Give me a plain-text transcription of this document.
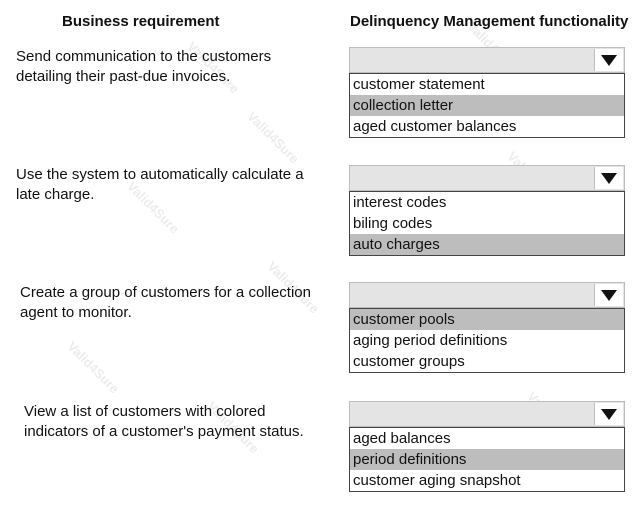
Valid4Sure
Valid4Sure
Valid4Sure
Valid4Sure
Valid4Sure
Valid4Sure
Business requirement	Delinquency Management functionality
Send communication to the customers
detailing their past-due invoices.	customer statement
collection letter
aged customer balances
Use the system to automatically calculate a
late charge.	interest codes
biling codes
auto charges
Create a group of customers for a collection
agent to monitor.	customer pools
aging period definitions
customer groups
View a list of customers with colored
indicators of a customer's payment status.	aged balances
period definitions
customer aging snapshot
